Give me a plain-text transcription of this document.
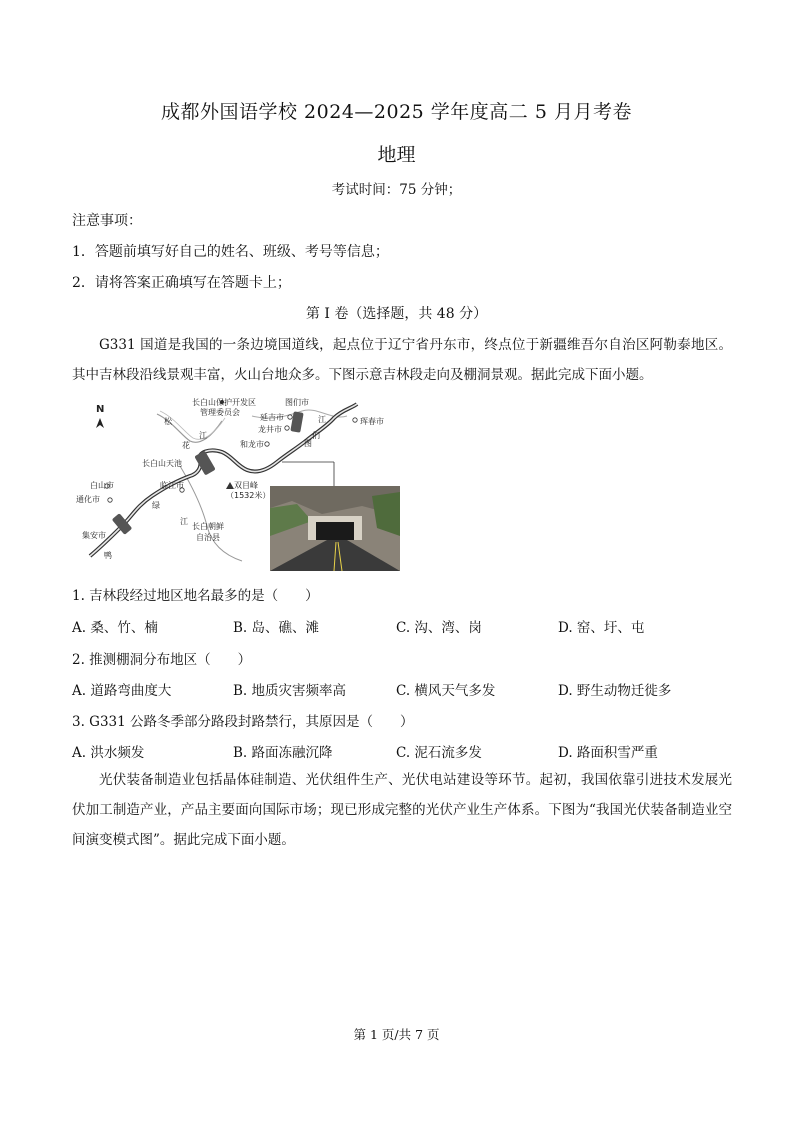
成都外国语学校 2024—2025 学年度高二 5 月月考卷
地理
考试时间：75 分钟；
注意事项：
1．答题前填写好自己的姓名、班级、考号等信息；
2．请将答案正确填写在答题卡上；
第 I 卷（选择题，共 48 分）
G331 国道是我国的一条边境国道线，起点位于辽宁省丹东市，终点位于新疆维吾尔自治区阿勒泰地区。其中吉林段沿线景观丰富，火山台地众多。下图示意吉林段走向及棚洞景观。据此完成下面小题。
N
长白山保护开发区
管理委员会
图们市
延吉市
龙井市
和龙市
珲春市
松
花
江
图
们
江
长白山天池
白山市
通化市
临江市	双目峰
（1532米）
绿
江
长白朝鲜
自治县
集安市
鸭
1. 吉林段经过地区地名最多的是（　　）
A. 桑、竹、楠	B. 岛、礁、滩	C. 沟、湾、岗	D. 窑、圩、屯
2. 推测棚洞分布地区（　　）
A. 道路弯曲度大	B. 地质灾害频率高	C. 横风天气多发	D. 野生动物迁徙多
3. G331 公路冬季部分路段封路禁行，其原因是（　　）
A. 洪水频发	B. 路面冻融沉降	C. 泥石流多发	D. 路面积雪严重
光伏装备制造业包括晶体硅制造、光伏组件生产、光伏电站建设等环节。起初，我国依靠引进技术发展光伏加工制造产业，产品主要面向国际市场；现已形成完整的光伏产业生产体系。下图为“我国光伏装备制造业空间演变模式图”。据此完成下面小题。
第 1 页/共 7 页
